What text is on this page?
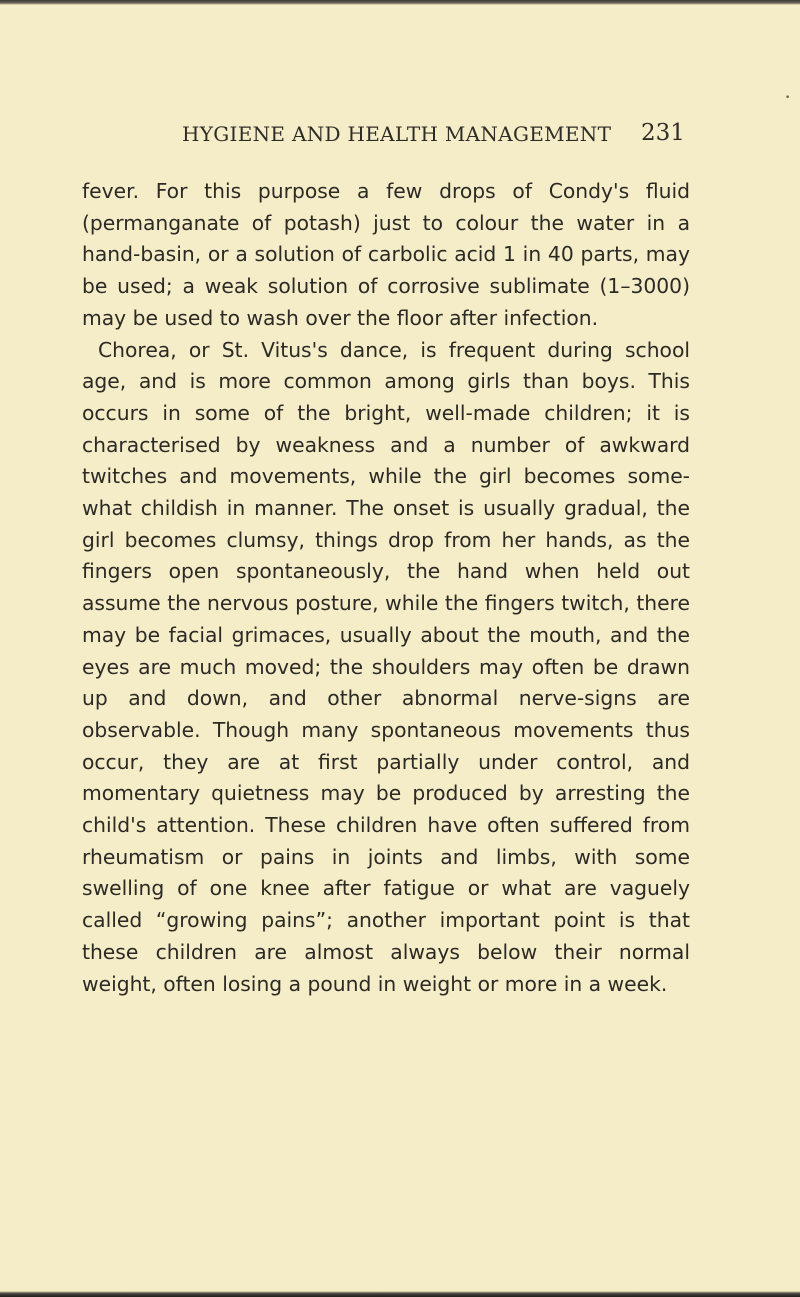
•
HYGIENE AND HEALTH MANAGEMENT 231

fever. For this purpose a few drops of Condy's fluid (permanganate of potash) just to colour the water in a hand-basin, or a solution of carbolic acid 1 in 40 parts, may be used; a weak solution of corrosive sublimate (1–3000) may be used to wash over the floor after infection.

Chorea, or St. Vitus's dance, is frequent during school age, and is more common among girls than boys. This occurs in some of the bright, well-made children; it is characterised by weakness and a number of awkward twitches and movements, while the girl becomes some-what childish in manner. The onset is usually gradual, the girl becomes clumsy, things drop from her hands, as the fingers open spontaneously, the hand when held out assume the nervous posture, while the fingers twitch, there may be facial grimaces, usually about the mouth, and the eyes are much moved; the shoulders may often be drawn up and down, and other abnormal nerve-signs are observable. Though many spontaneous movements thus occur, they are at first partially under control, and momentary quietness may be produced by arresting the child's attention. These children have often suffered from rheumatism or pains in joints and limbs, with some swelling of one knee after fatigue or what are vaguely called “growing pains”; another important point is that these children are almost always below their normal weight, often losing a pound in weight or more in a week.
